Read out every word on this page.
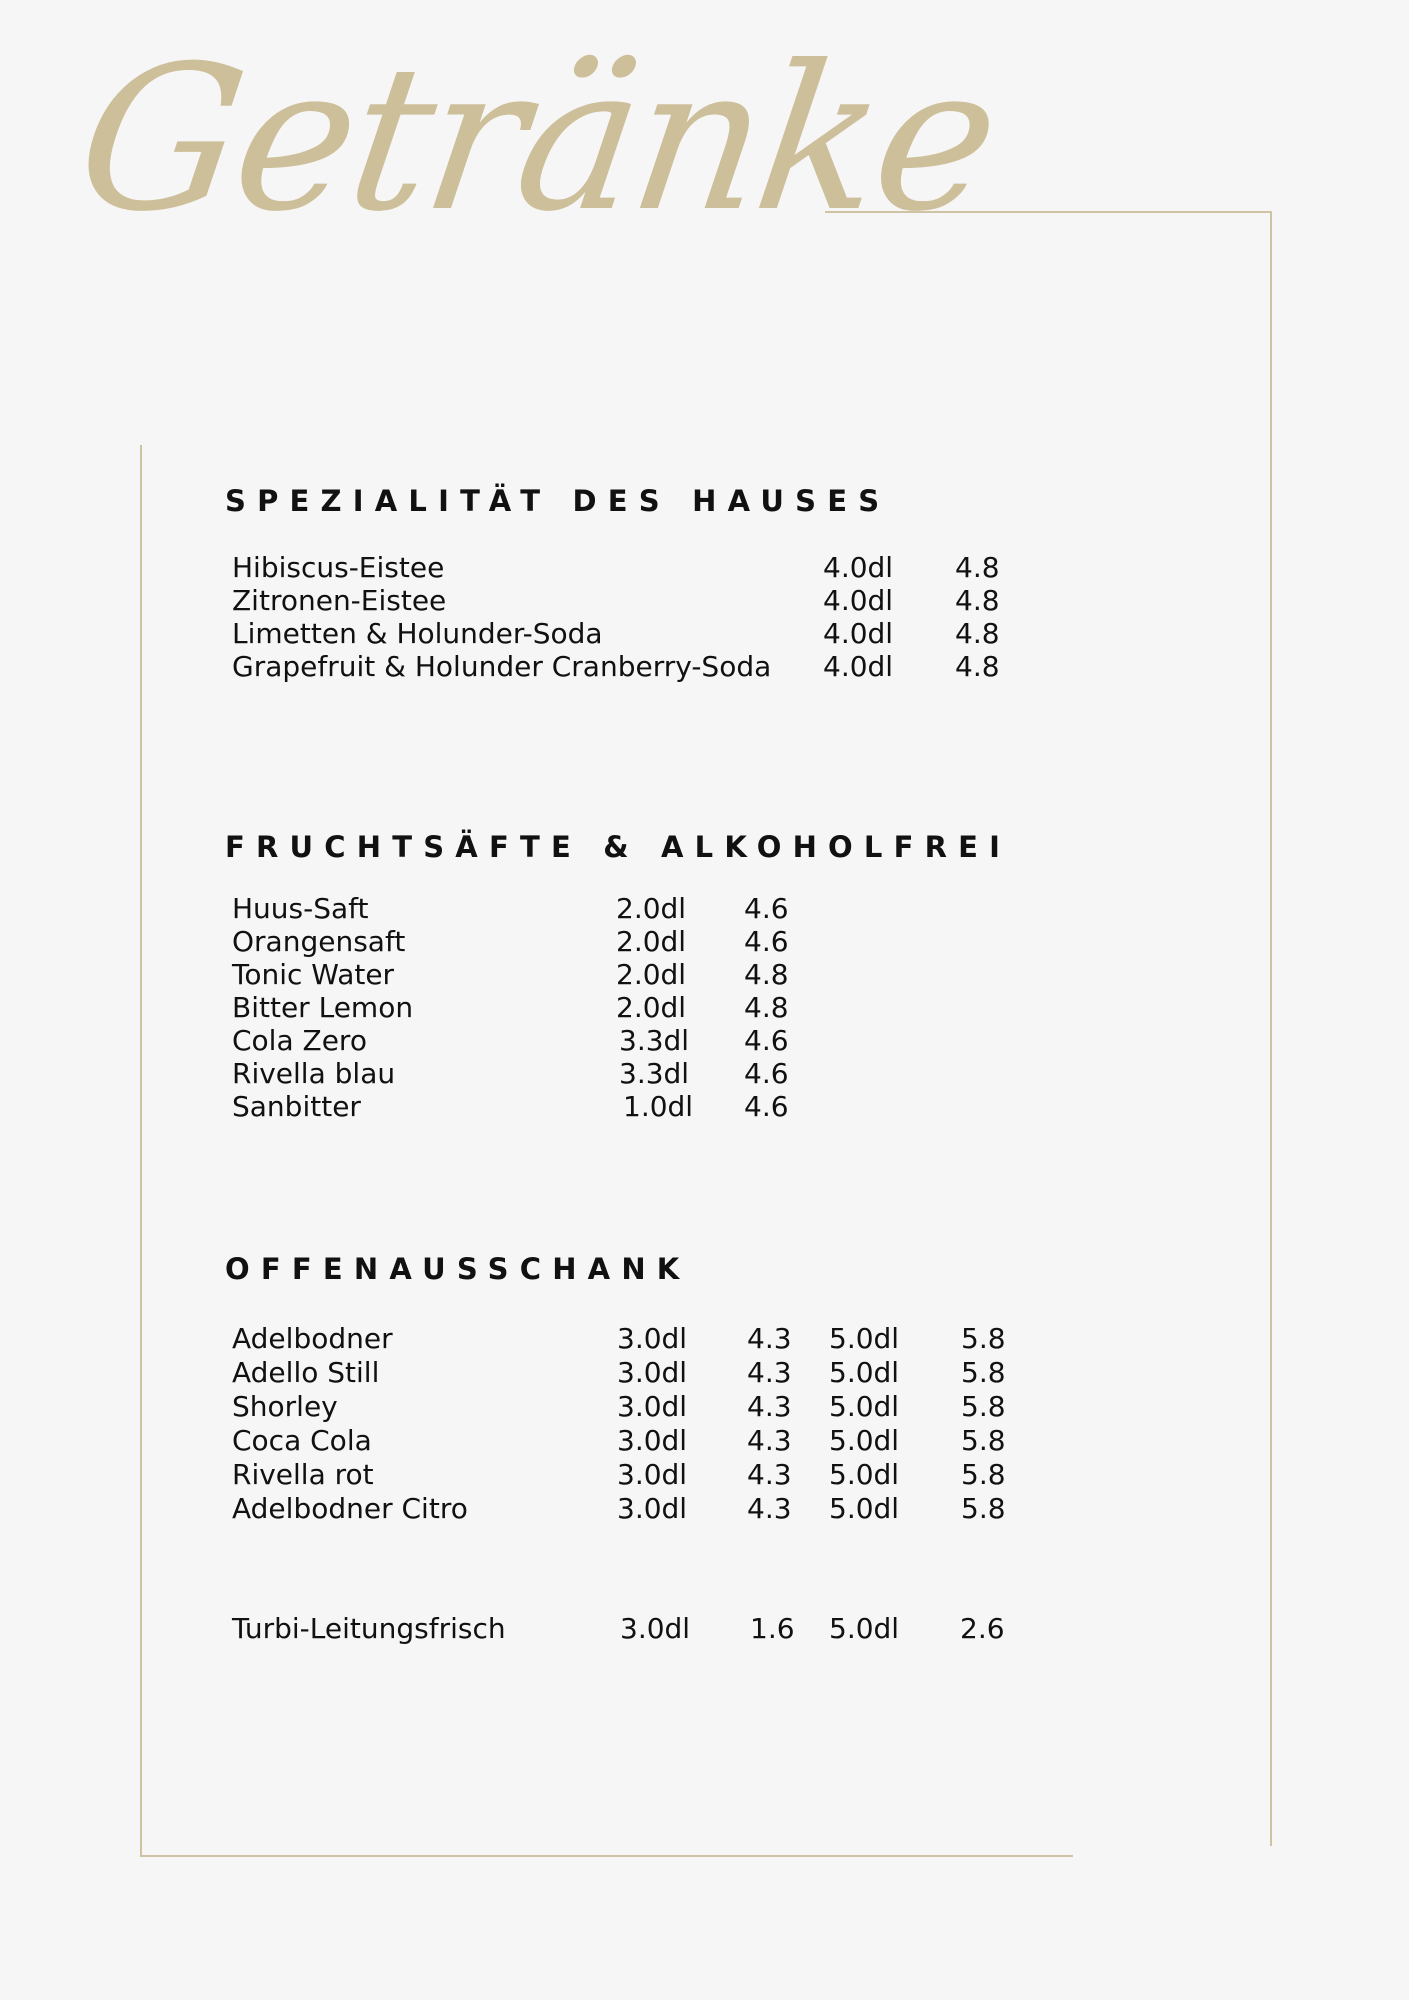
Getränke
SPEZIALITÄT DES HAUSES
Hibiscus-Eistee	4.0dl 4.8
Zitronen-Eistee	4.0dl 4.8
Limetten & Holunder-Soda	4.0dl 4.8
Grapefruit & Holunder Cranberry-Soda 4.0dl 4.8
FRUCHTSÄFTE & ALKOHOLFREI
Huus-Saft	2.0dl 4.6
Orangensaft	2.0dl 4.6
Tonic Water	2.0dl 4.8
Bitter Lemon	2.0dl 4.8
Cola Zero	3.3dl 4.6
Rivella blau	3.3dl 4.6
Sanbitter	1.0dl 4.6
OFFENAUSSCHANK
Adelbodner	3.0dl 4.3 5.0dl 5.8
Adello Still	3.0dl 4.3 5.0dl 5.8
Shorley	3.0dl 4.3 5.0dl 5.8
Coca Cola	3.0dl 4.3 5.0dl 5.8
Rivella rot	3.0dl 4.3 5.0dl 5.8
Adelbodner Citro	3.0dl 4.3 5.0dl 5.8
Turbi-Leitungsfrisch	3.0dl 1.6 5.0dl 2.6
